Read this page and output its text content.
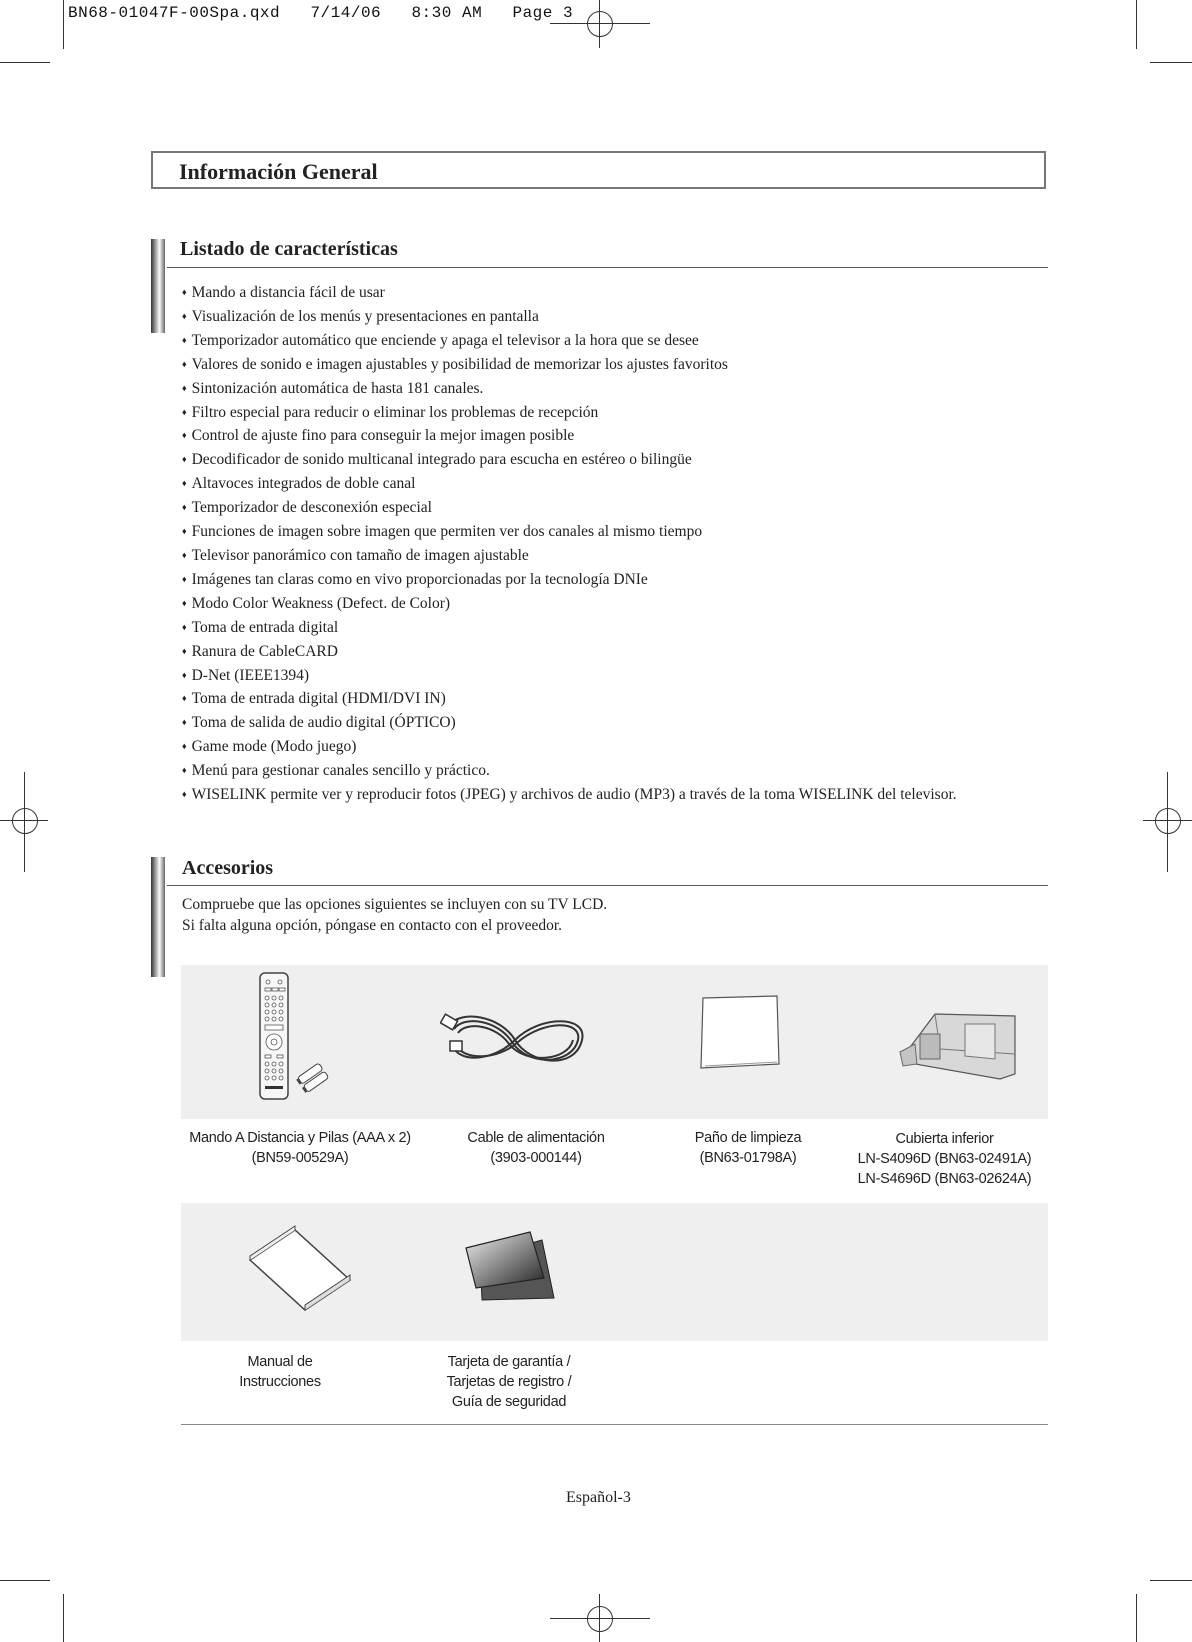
BN68-01047F-00Spa.qxd   7/14/06   8:30 AM   Page 3
Información General
Listado de características
♦ Mando a distancia fácil de usar
♦ Visualización de los menús y presentaciones en pantalla
♦ Temporizador automático que enciende y apaga el televisor a la hora que se desee
♦ Valores de sonido e imagen ajustables y posibilidad de memorizar los ajustes favoritos
♦ Sintonización automática de hasta 181 canales.
♦ Filtro especial para reducir o eliminar los problemas de recepción
♦ Control de ajuste fino para conseguir la mejor imagen posible
♦ Decodificador de sonido multicanal integrado para escucha en estéreo o bilingüe
♦ Altavoces integrados de doble canal
♦ Temporizador de desconexión especial
♦ Funciones de imagen sobre imagen que permiten ver dos canales al mismo tiempo
♦ Televisor panorámico con tamaño de imagen ajustable
♦ Imágenes tan claras como en vivo proporcionadas por la tecnología DNIe
♦ Modo Color Weakness (Defect. de Color)
♦ Toma de entrada digital
♦ Ranura de CableCARD
♦ D-Net (IEEE1394)
♦ Toma de entrada digital (HDMI/DVI IN)
♦ Toma de salida de audio digital (ÓPTICO)
♦ Game mode (Modo juego)
♦ Menú para gestionar canales sencillo y práctico.
♦ WISELINK permite ver y reproducir fotos (JPEG) y archivos de audio (MP3) a través de la toma WISELINK del televisor.
Accesorios
Compruebe que las opciones siguientes se incluyen con su TV LCD.
Si falta alguna opción, póngase en contacto con el proveedor.
Mando A Distancia y Pilas (AAA x 2)
(BN59-00529A)
Cable de alimentación
(3903-000144)
Paño de limpieza
(BN63-01798A)
Cubierta inferior
LN-S4096D (BN63-02491A)
LN-S4696D (BN63-02624A)
Manual de
Instrucciones
Tarjeta de garantía /
Tarjetas de registro /
Guía de seguridad
Español-3
